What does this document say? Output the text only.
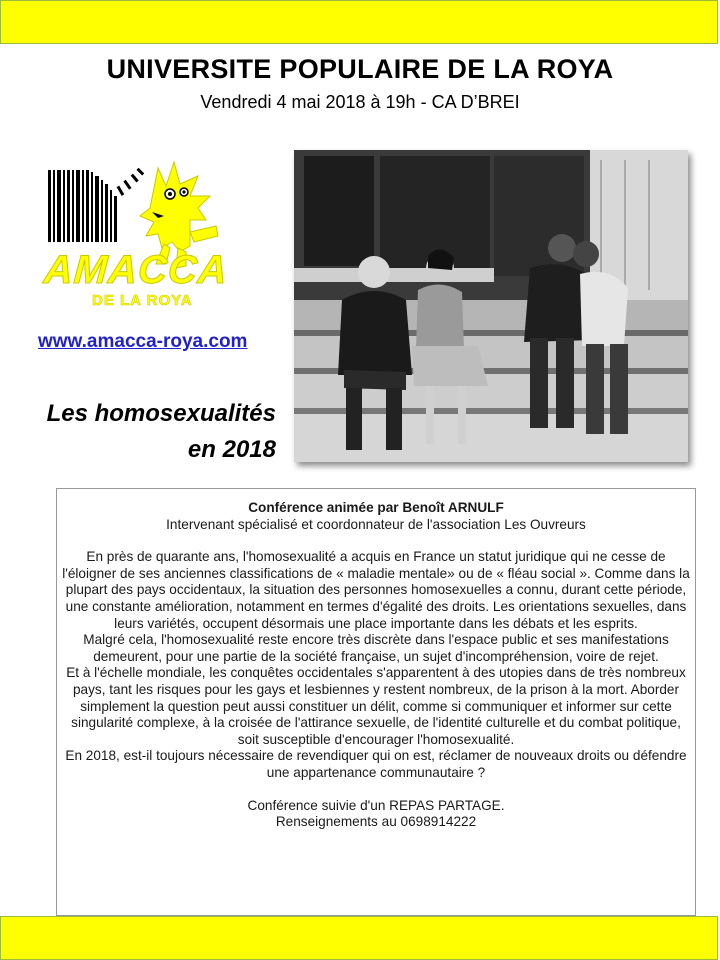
UNIVERSITE POPULAIRE DE LA ROYA
Vendredi 4 mai 2018 à 19h - CA D’BREI
AMACCA
DE LA ROYA
www.amacca-roya.com
Les homosexualités
en 2018

Conférence animée par Benoît ARNULF

Intervenant spécialisé et coordonnateur de l'association Les Ouvreurs

En près de quarante ans, l'homosexualité a acquis en France un statut juridique qui ne cesse de l'éloigner de ses anciennes classifications de « maladie mentale» ou de « fléau social ». Comme dans la plupart des pays occidentaux, la situation des personnes homosexuelles a connu, durant cette période, une constante amélioration, notamment en termes d'égalité des droits. Les orientations sexuelles, dans leurs variétés, occupent désormais une place importante dans les débats et les esprits.

Malgré cela, l'homosexualité reste encore très discrète dans l'espace public et ses manifestations demeurent, pour une partie de la société française, un sujet d'incompréhension, voire de rejet.

Et à l'échelle mondiale, les conquêtes occidentales s'apparentent à des utopies dans de très nombreux pays, tant les risques pour les gays et lesbiennes y restent nombreux, de la prison à la mort. Aborder simplement la question peut aussi constituer un délit, comme si communiquer et informer sur cette singularité complexe, à la croisée de l'attirance sexuelle, de l'identité culturelle et du combat politique, soit susceptible d'encourager l'homosexualité.

En 2018, est-il toujours nécessaire de revendiquer qui on est, réclamer de nouveaux droits ou défendre une appartenance communautaire ?

Conférence suivie d'un REPAS PARTAGE.

Renseignements au 0698914222
